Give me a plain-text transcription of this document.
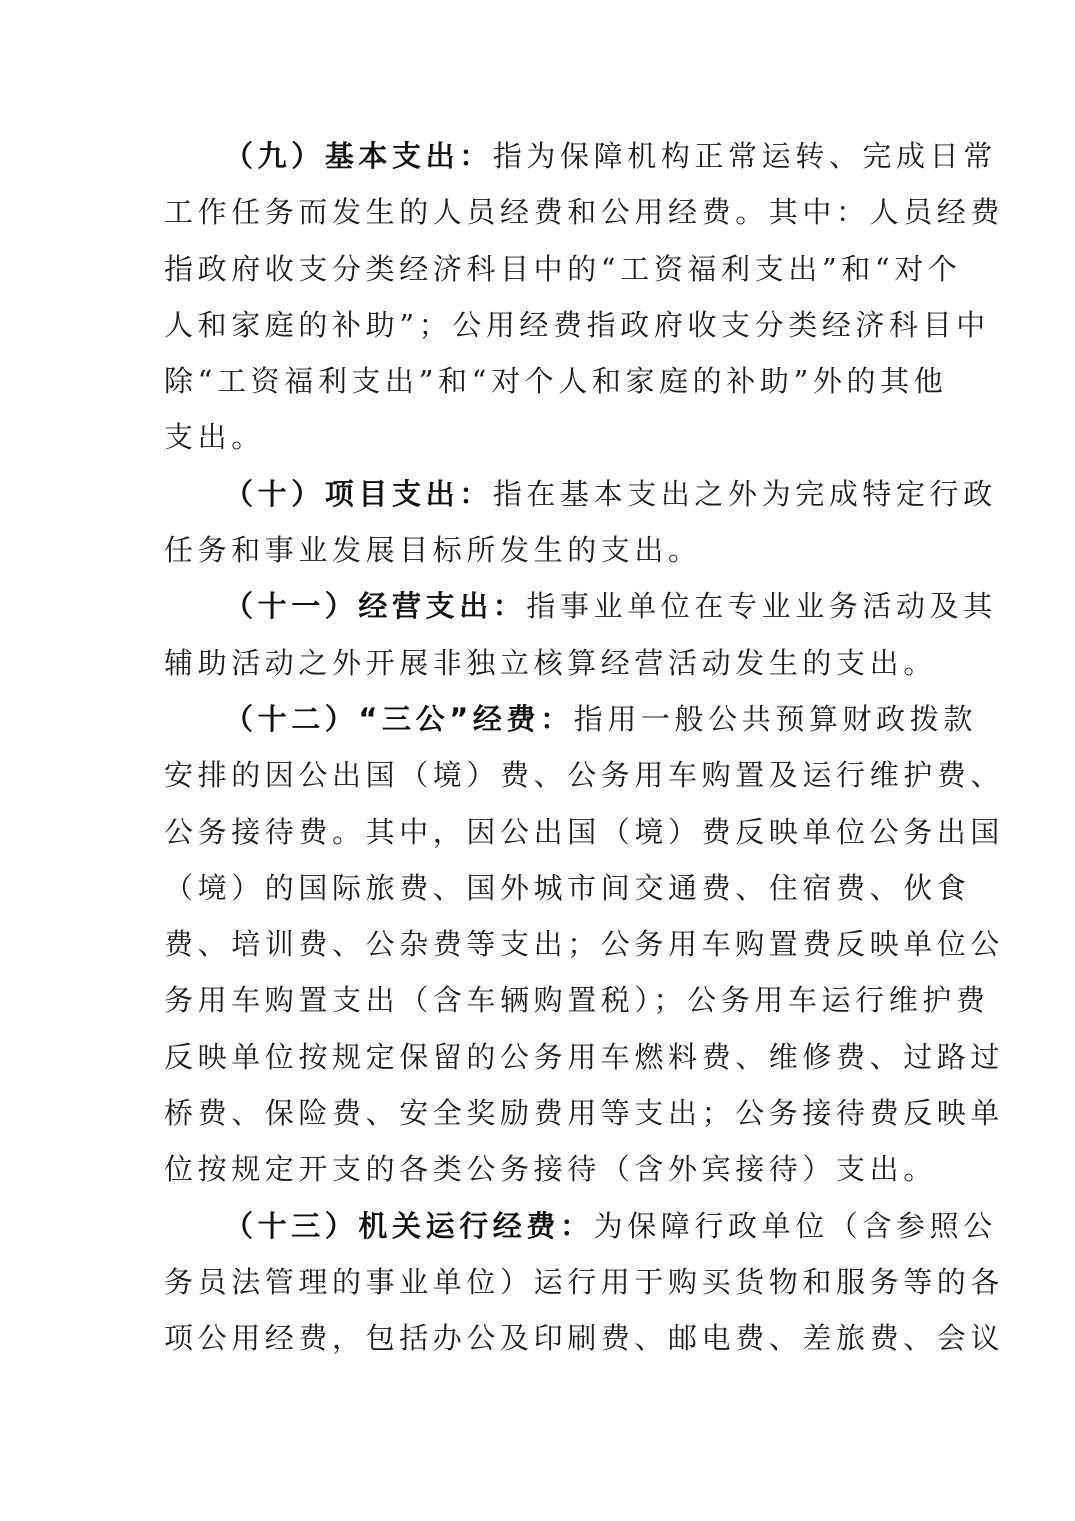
（九）基本支出：指为保障机构正常运转、完成日常
工作任务而发生的人员经费和公用经费。其中：人员经费
指政府收支分类经济科目中的“工资福利支出”和“对个
人和家庭的补助”；公用经费指政府收支分类经济科目中
除“工资福利支出”和“对个人和家庭的补助”外的其他
支出。
（十）项目支出：指在基本支出之外为完成特定行政
任务和事业发展目标所发生的支出。
（十一）经营支出：指事业单位在专业业务活动及其
辅助活动之外开展非独立核算经营活动发生的支出。
（十二）“三公”经费：指用一般公共预算财政拨款
安排的因公出国（境）费、公务用车购置及运行维护费、
公务接待费。其中，因公出国（境）费反映单位公务出国
（境）的国际旅费、国外城市间交通费、住宿费、伙食
费、培训费、公杂费等支出；公务用车购置费反映单位公
务用车购置支出（含车辆购置税）；公务用车运行维护费
反映单位按规定保留的公务用车燃料费、维修费、过路过
桥费、保险费、安全奖励费用等支出；公务接待费反映单
位按规定开支的各类公务接待（含外宾接待）支出。
（十三）机关运行经费：为保障行政单位（含参照公
务员法管理的事业单位）运行用于购买货物和服务等的各
项公用经费，包括办公及印刷费、邮电费、差旅费、会议
